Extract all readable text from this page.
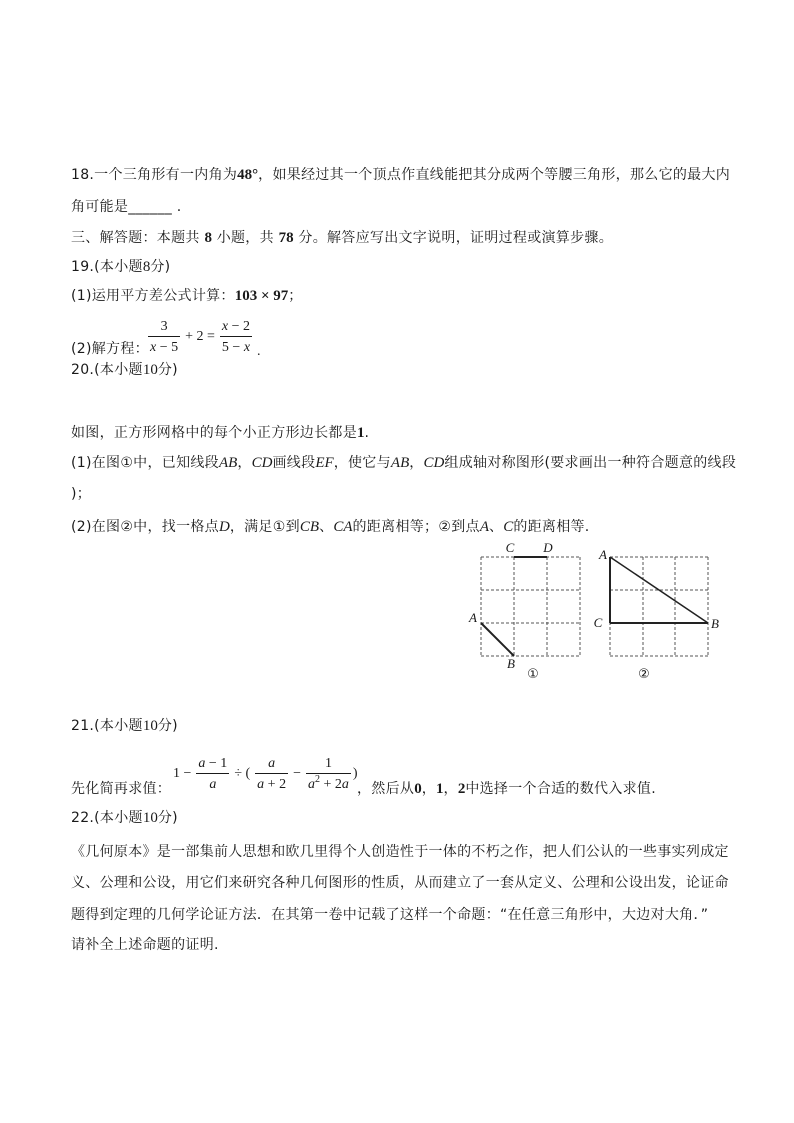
18.一个三角形有一内角为48°，如果经过其一个顶点作直线能把其分成两个等腰三角形，那么它的最大内
角可能是______ .
三、解答题：本题共 8 小题，共 78 分。解答应写出文字说明，证明过程或演算步骤。
19.(本小题8分)
(1)运用平方差公式计算：103 × 97；
(2)解方程： $\frac{3}{x - 5} + 2 = \frac{x - 2}{5 - x}$ .
20.(本小题10分)
如图，正方形网格中的每个小正方形边长都是1.
(1)在图①中，已知线段AB，CD画线段EF，使它与AB，CD组成轴对称图形(要求画出一种符合题意的线段
)；
(2)在图②中，找一格点D，满足①到CB、CA的距离相等；②到点A、C的距离相等.
C D
A
B
①
A
C	B
②
21.(本小题10分)
先化简再求值：
$1 - \frac{a - 1}{a}$ ÷ ( $\frac{a}{a + 2} - \frac{1}{a^2 + 2a}$ )
，然后从0，1，2中选择一个合适的数代入求值.
22.(本小题10分)
《几何原本》是一部集前人思想和欧几里得个人创造性于一体的不朽之作，把人们公认的一些事实列成定
义、公理和公设，用它们来研究各种几何图形的性质，从而建立了一套从定义、公理和公设出发，论证命
题得到定理的几何学论证方法．在其第一卷中记载了这样一个命题：“在任意三角形中，大边对大角．”
请补全上述命题的证明.
